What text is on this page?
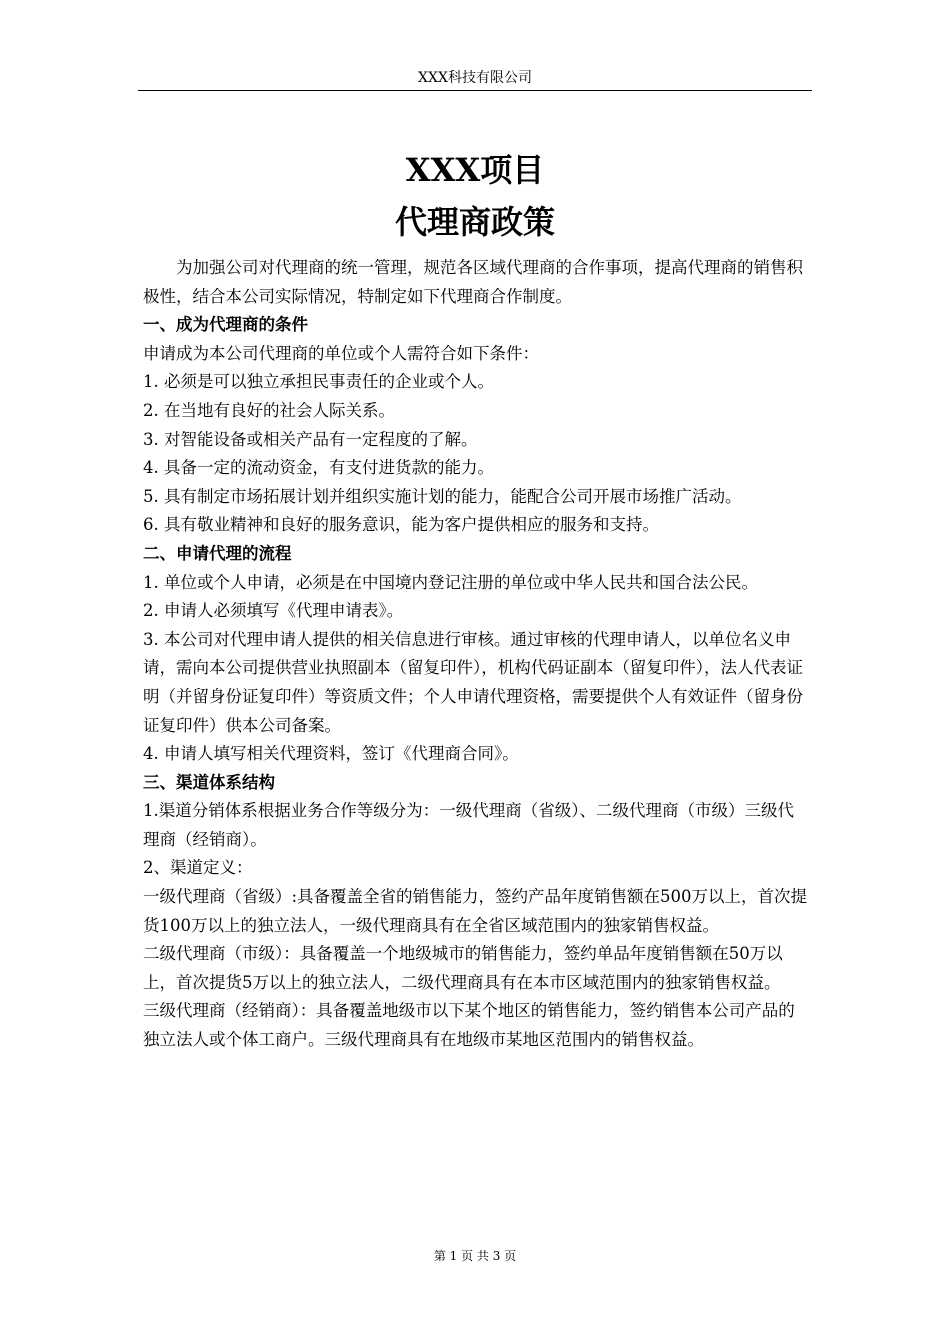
XXX科技有限公司
XXX项目
代理商政策

为加强公司对代理商的统一管理，规范各区域代理商的合作事项，提高代理商的销售积极性，结合本公司实际情况，特制定如下代理商合作制度。

一、成为代理商的条件

申请成为本公司代理商的单位或个人需符合如下条件：

1. 必须是可以独立承担民事责任的企业或个人。

2. 在当地有良好的社会人际关系。

3. 对智能设备或相关产品有一定程度的了解。

4. 具备一定的流动资金，有支付进货款的能力。

5. 具有制定市场拓展计划并组织实施计划的能力，能配合公司开展市场推广活动。

6. 具有敬业精神和良好的服务意识，能为客户提供相应的服务和支持。

二、申请代理的流程

1. 单位或个人申请，必须是在中国境内登记注册的单位或中华人民共和国合法公民。

2. 申请人必须填写《代理申请表》。

3. 本公司对代理申请人提供的相关信息进行审核。通过审核的代理申请人，以单位名义申请，需向本公司提供营业执照副本（留复印件），机构代码证副本（留复印件），法人代表证明（并留身份证复印件）等资质文件；个人申请代理资格，需要提供个人有效证件（留身份证复印件）供本公司备案。

4. 申请人填写相关代理资料，签订《代理商合同》。

三、渠道体系结构

1.渠道分销体系根据业务合作等级分为：一级代理商（省级）、二级代理商（市级）三级代理商（经销商）。

2、渠道定义：

一级代理商（省级）:具备覆盖全省的销售能力，签约产品年度销售额在500万以上，首次提货100万以上的独立法人，一级代理商具有在全省区域范围内的独家销售权益。

二级代理商（市级）：具备覆盖一个地级城市的销售能力，签约单品年度销售额在50万以上，首次提货5万以上的独立法人，二级代理商具有在本市区域范围内的独家销售权益。

三级代理商（经销商）：具备覆盖地级市以下某个地区的销售能力，签约销售本公司产品的独立法人或个体工商户。三级代理商具有在地级市某地区范围内的销售权益。

第 1 页 共 3 页
